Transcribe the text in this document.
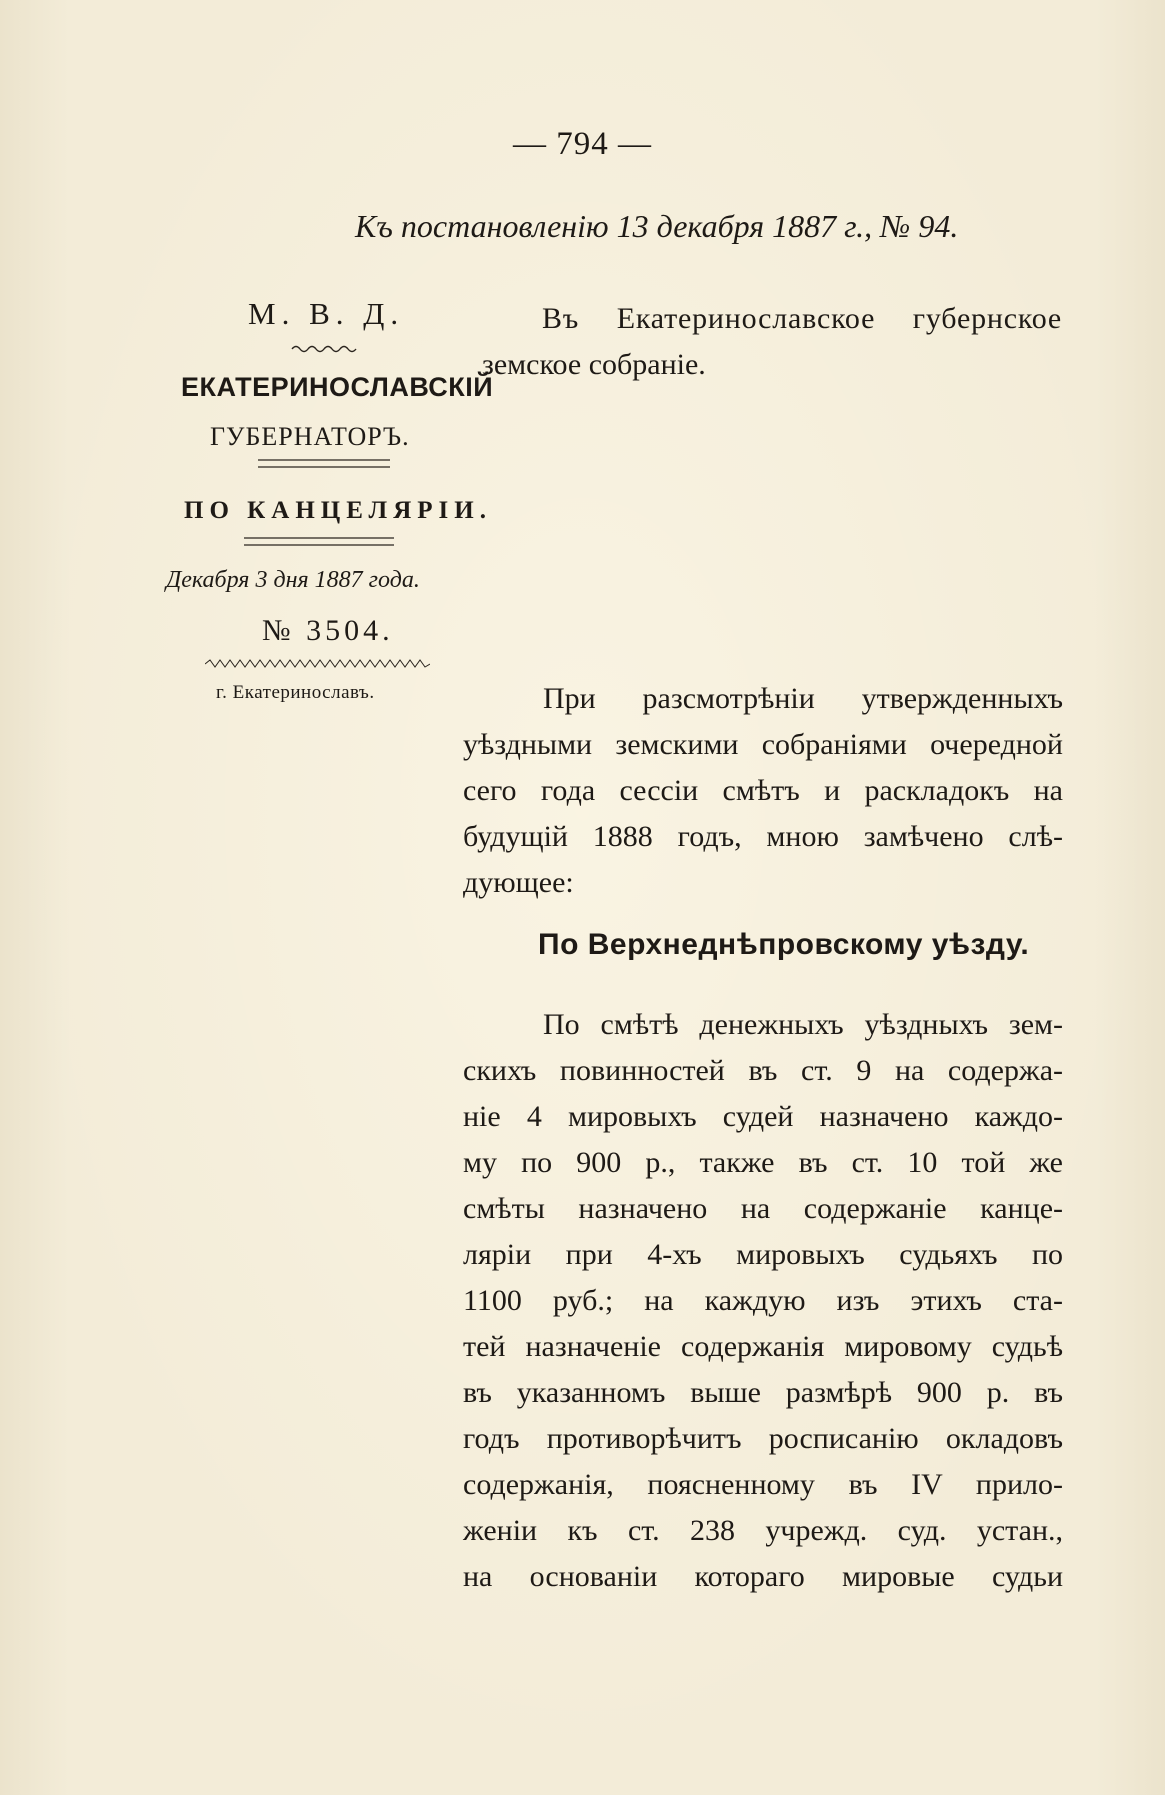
— 794 —
Къ постановленію 13 декабря 1887 г., № 94.
М. В. Д.
ЕКАТЕРИНОСЛАВСКІЙ
ГУБЕРНАТОРЪ.
ПО КАНЦЕЛЯРІИ.
Декабря 3 дня 1887 года.
№ 3504.
г. Екатеринославъ.
Въ Екатеринославское губернское
земское собраніе.
При разсмотрѣніи утвержденныхъ
уѣздными земскими собраніями очередной
сего года сессіи смѣтъ и раскладокъ на
будущій 1888 годъ, мною замѣчено слѣ-
дующее:
По Верхнеднѣпровскому уѣзду.
По смѣтѣ денежныхъ уѣздныхъ зем-
скихъ повинностей въ ст. 9 на содержа-
ніе 4 мировыхъ судей назначено каждо-
му по 900 р., также въ ст. 10 той же
смѣты назначено на содержаніе канце-
ляріи при 4-хъ мировыхъ судьяхъ по
1100 руб.; на каждую изъ этихъ ста-
тей назначеніе содержанія мировому судьѣ
въ указанномъ выше размѣрѣ 900 р. въ
годъ противорѣчитъ росписанію окладовъ
содержанія, поясненному въ IV прило-
женіи къ ст. 238 учрежд. суд. устан.,
на основаніи котораго мировые судьи
